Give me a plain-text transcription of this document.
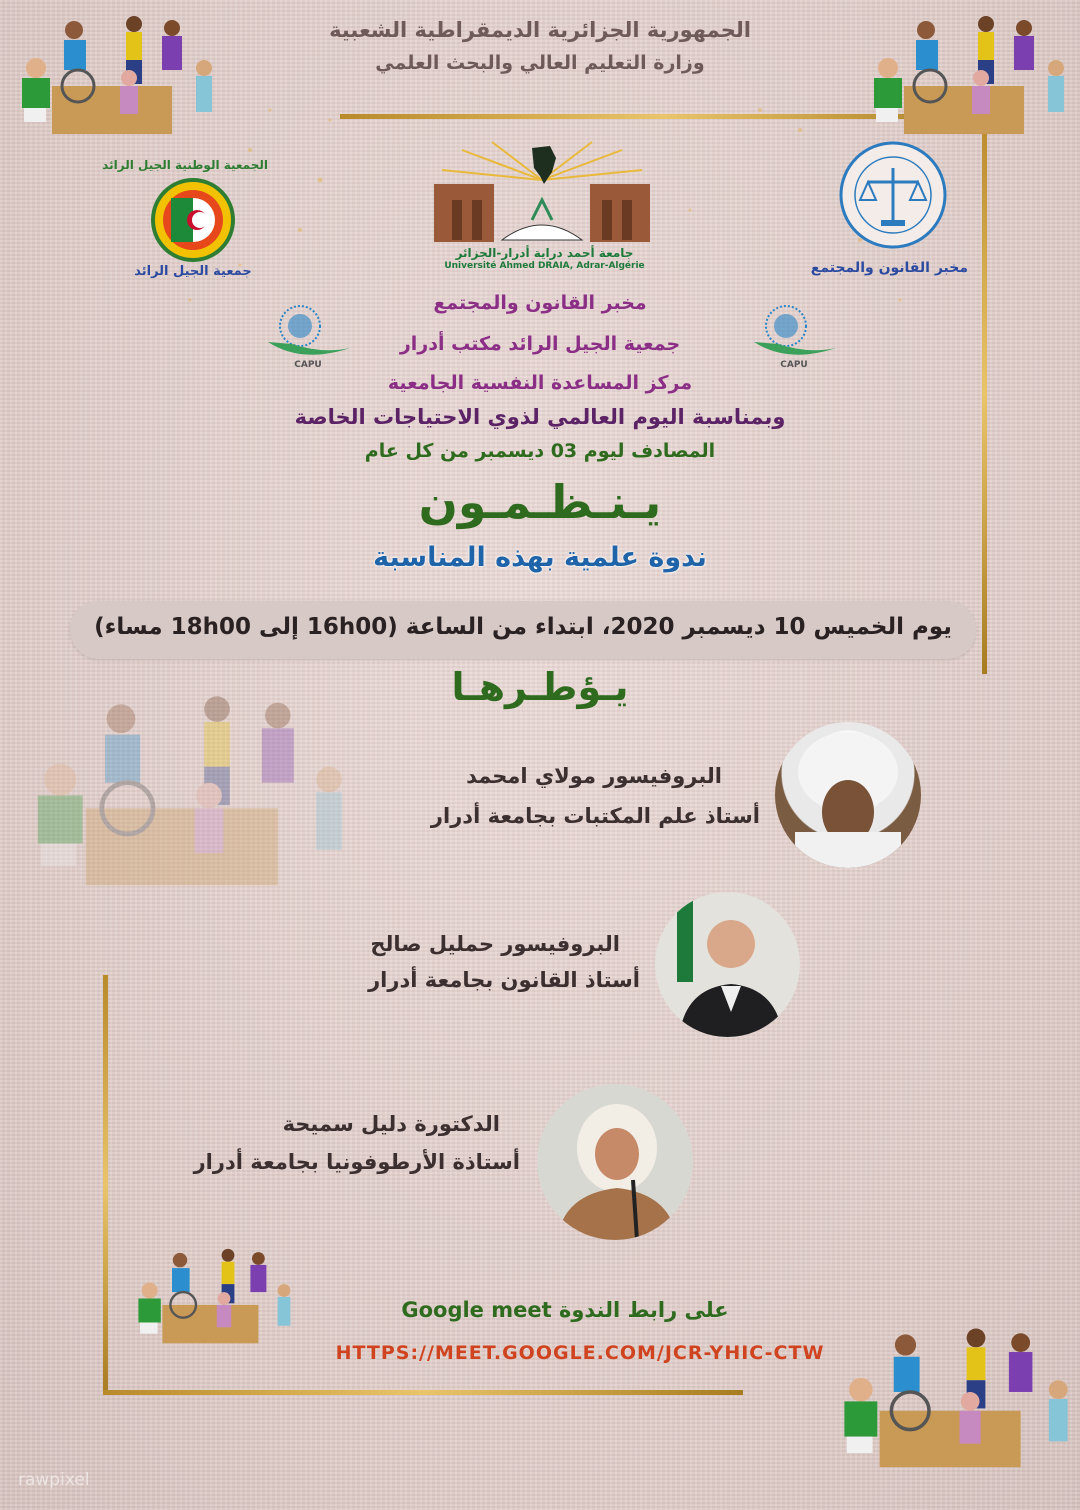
الجمهورية الجزائرية الديمقراطية الشعبية
وزارة التعليم العالي والبحث العلمي
الجمعية الوطنية الجيل الرائد
جمعية الجيل الرائد
جامعة أحمد دراية أدرار-الجزائر
Université Ahmed DRAIA, Adrar-Algérie	مخبر القانون والمجتمع
CAPU	CAPU
مخبر القانون والمجتمع
جمعية الجيل الرائد مكتب أدرار
مركز المساعدة النفسية الجامعية
وبمناسبة اليوم العالمي لذوي الاحتياجات الخاصة
المصادف ليوم 03 ديسمبر من كل عام
يـنـظـمـون
ندوة علمية بهذه المناسبة
يوم الخميس 10 ديسمبر 2020، ابتداء من الساعة (16h00 إلى 18h00 مساء)
يـؤطـرهـا
البروفيسور مولاي امحمد
أستاذ علم المكتبات بجامعة أدرار
البروفيسور حمليل صالح
أستاذ القانون بجامعة أدرار
الدكتورة دليل سميحة
أستاذة الأرطوفونيا بجامعة أدرار
على رابط الندوة Google meet
HTTPS://MEET.GOOGLE.COM/JCR-YHIC-CTW
rawpixel
